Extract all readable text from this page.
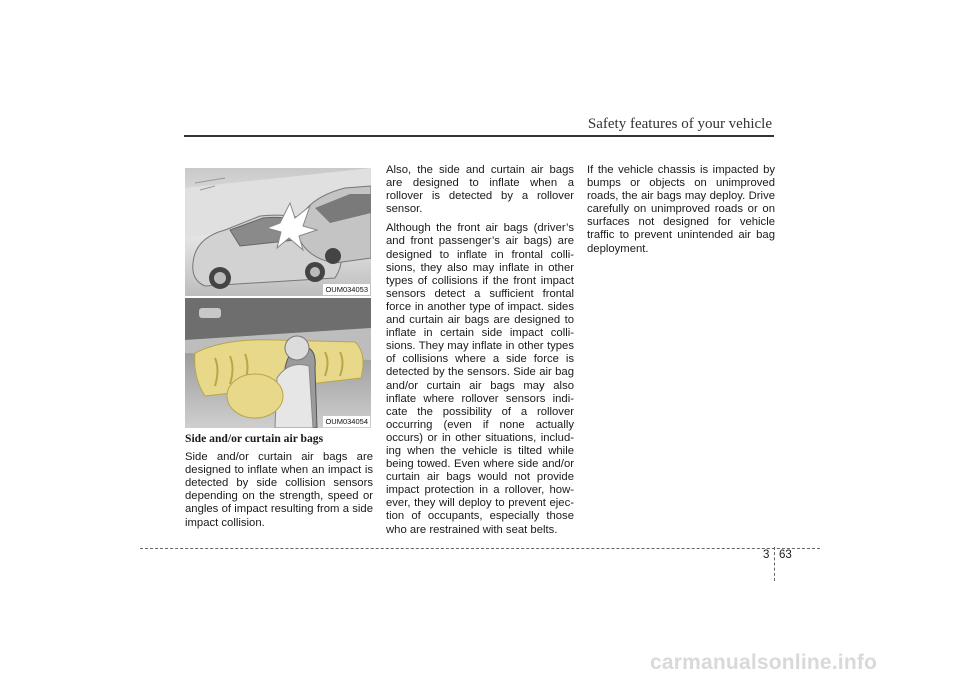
Safety features of your vehicle
OUM034053
OUM034054

Side and/or curtain air bags

Side and/or curtain air bags are designed to inflate when an impact is detected by side collision sensors depending on the strength, speed or angles of impact resulting from a side impact collision.

Also, the side and curtain air bags are designed to inflate when a rollover is detected by a rollover sensor.

Although the front air bags (driver’s and front passenger’s air bags) are designed to inflate in frontal collisions, they also may inflate in other types of collisions if the front impact sensors detect a sufficient frontal force in another type of impact. sides and curtain air bags are designed to inflate in certain side impact collisions. They may inflate in other types of collisions where a side force is detected by the sensors. Side air bag and/or curtain air bags may also inflate where rollover sensors indicate the possibility of a rollover occurring (even if none actually occurs) or in other situations, including when the vehicle is tilted while being towed. Even where side and/or curtain air bags would not provide impact protection in a rollover, however, they will deploy to prevent ejection of occupants, especially those who are restrained with seat belts.

If the vehicle chassis is impacted by bumps or objects on unimproved roads, the air bags may deploy. Drive carefully on unimproved roads or on surfaces not designed for vehicle traffic to prevent unintended air bag deployment.

3 63
carmanualsonline.info
